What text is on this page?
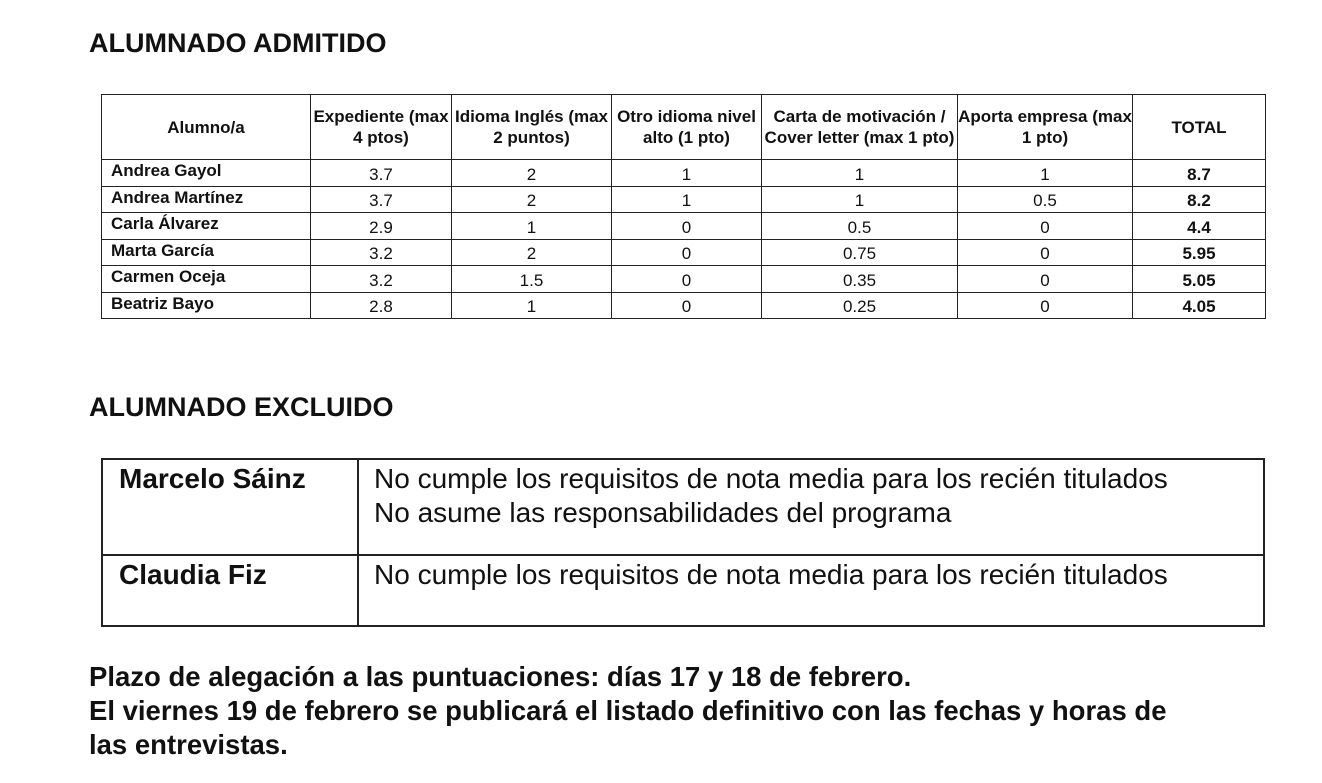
ALUMNADO ADMITIDO
Alumno/a	Expediente (max 4 ptos)	Idioma Inglés (max 2 puntos)	Otro idioma nivel alto (1 pto)	Carta de motivación / Cover letter (max 1 pto)	Aporta empresa (max 1 pto)	TOTAL
Andrea Gayol	3.7	2	1	1	1	8.7
Andrea Martínez	3.7	2	1	1	0.5	8.2
Carla Álvarez	2.9	1	0	0.5	0	4.4
Marta García	3.2	2	0	0.75	0	5.95
Carmen Oceja	3.2	1.5	0	0.35	0	5.05
Beatriz Bayo	2.8	1	0	0.25	0	4.05
ALUMNADO EXCLUIDO
Marcelo Sáinz	No cumple los requisitos de nota media para los recién titulados
No asume las responsabilidades del programa

Claudia Fiz	No cumple los requisitos de nota media para los recién titulados

Plazo de alegación a las puntuaciones: días 17 y 18 de febrero.

El viernes 19 de febrero se publicará el listado definitivo con las fechas y horas de

las entrevistas.
